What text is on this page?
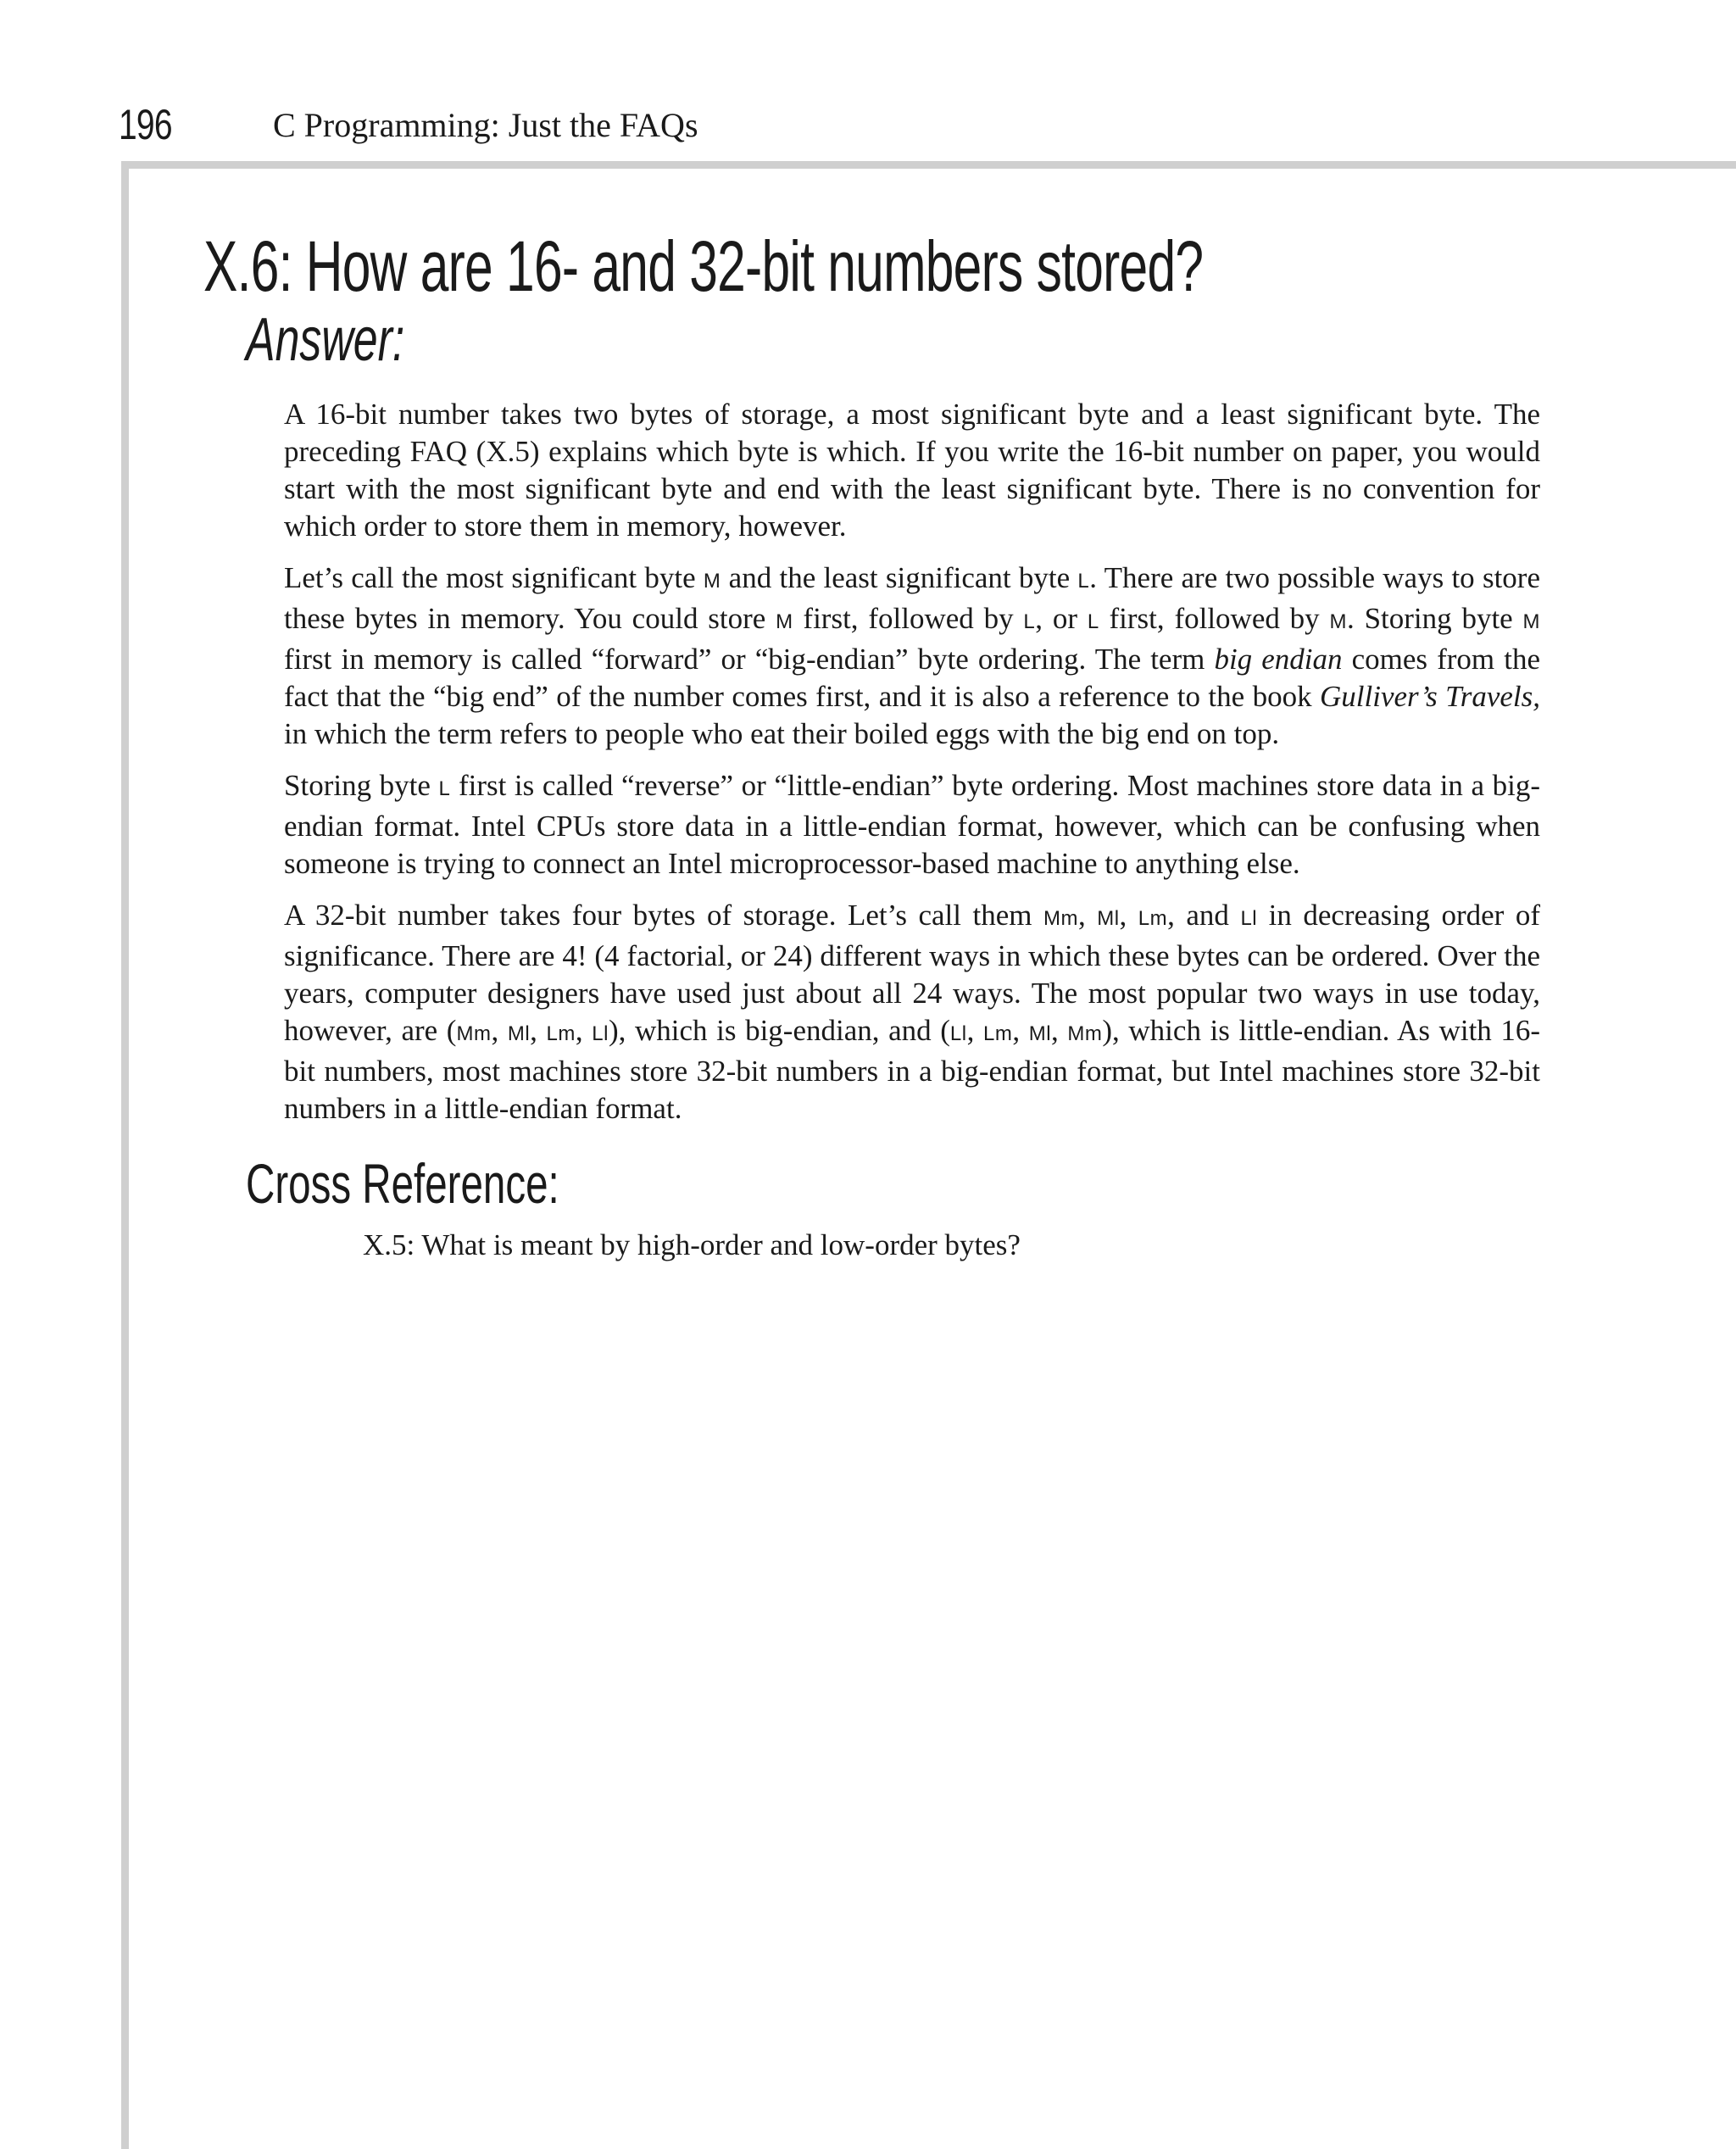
196	C Programming: Just the FAQs
X.6: How are 16- and 32-bit numbers stored?
Answer:

A 16-bit number takes two bytes of storage, a most significant byte and a least significant byte. The preceding FAQ (X.5) explains which byte is which. If you write the 16-bit number on paper, you would start with the most significant byte and end with the least significant byte. There is no convention for which order to store them in memory, however.

Let’s call the most significant byte M and the least significant byte L. There are two possible ways to store these bytes in memory. You could store M first, followed by L, or L first, followed by M. Storing byte M first in memory is called “forward” or “big-endian” byte ordering. The term big endian comes from the fact that the “big end” of the number comes first, and it is also a reference to the book Gulliver’s Travels, in which the term refers to people who eat their boiled eggs with the big end on top.

Storing byte L first is called “reverse” or “little-endian” byte ordering. Most machines store data in a big-endian format. Intel CPUs store data in a little-endian format, however, which can be confusing when someone is trying to connect an Intel microprocessor-based machine to anything else.

A 32-bit number takes four bytes of storage. Let’s call them Mm, Ml, Lm, and Ll in decreasing order of significance. There are 4! (4 factorial, or 24) different ways in which these bytes can be ordered. Over the years, computer designers have used just about all 24 ways. The most popular two ways in use today, however, are (Mm, Ml, Lm, Ll), which is big-endian, and (Ll, Lm, Ml, Mm), which is little-endian. As with 16-bit numbers, most machines store 32-bit numbers in a big-endian format, but Intel machines store 32-bit numbers in a little-endian format.

Cross Reference:
X.5: What is meant by high-order and low-order bytes?
